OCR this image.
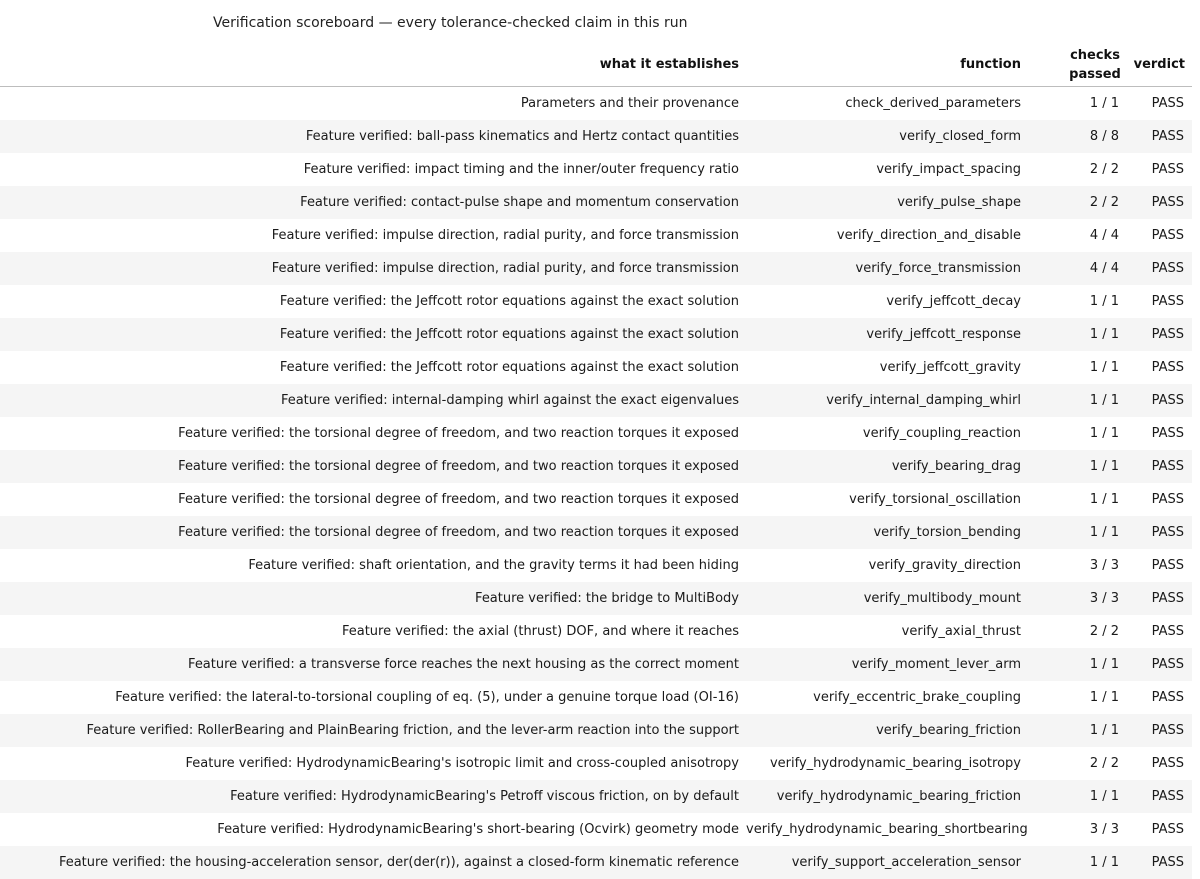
Verification scoreboard — every tolerance-checked claim in this run
what it establishes	function	checks passed	verdict
Parameters and their provenance	check_derived_parameters	1 / 1	PASS
Feature verified: ball-pass kinematics and Hertz contact quantities	verify_closed_form	8 / 8	PASS
Feature verified: impact timing and the inner/outer frequency ratio	verify_impact_spacing	2 / 2	PASS
Feature verified: contact-pulse shape and momentum conservation	verify_pulse_shape	2 / 2	PASS
Feature verified: impulse direction, radial purity, and force transmission	verify_direction_and_disable	4 / 4	PASS
Feature verified: impulse direction, radial purity, and force transmission	verify_force_transmission	4 / 4	PASS
Feature verified: the Jeffcott rotor equations against the exact solution	verify_jeffcott_decay	1 / 1	PASS
Feature verified: the Jeffcott rotor equations against the exact solution	verify_jeffcott_response	1 / 1	PASS
Feature verified: the Jeffcott rotor equations against the exact solution	verify_jeffcott_gravity	1 / 1	PASS
Feature verified: internal-damping whirl against the exact eigenvalues	verify_internal_damping_whirl	1 / 1	PASS
Feature verified: the torsional degree of freedom, and two reaction torques it exposed	verify_coupling_reaction	1 / 1	PASS
Feature verified: the torsional degree of freedom, and two reaction torques it exposed	verify_bearing_drag	1 / 1	PASS
Feature verified: the torsional degree of freedom, and two reaction torques it exposed	verify_torsional_oscillation	1 / 1	PASS
Feature verified: the torsional degree of freedom, and two reaction torques it exposed	verify_torsion_bending	1 / 1	PASS
Feature verified: shaft orientation, and the gravity terms it had been hiding	verify_gravity_direction	3 / 3	PASS
Feature verified: the bridge to MultiBody	verify_multibody_mount	3 / 3	PASS
Feature verified: the axial (thrust) DOF, and where it reaches	verify_axial_thrust	2 / 2	PASS
Feature verified: a transverse force reaches the next housing as the correct moment	verify_moment_lever_arm	1 / 1	PASS
Feature verified: the lateral-to-torsional coupling of eq. (5), under a genuine torque load (OI-16)	verify_eccentric_brake_coupling	1 / 1	PASS
Feature verified: RollerBearing and PlainBearing friction, and the lever-arm reaction into the support	verify_bearing_friction	1 / 1	PASS
Feature verified: HydrodynamicBearing's isotropic limit and cross-coupled anisotropy	verify_hydrodynamic_bearing_isotropy	2 / 2	PASS
Feature verified: HydrodynamicBearing's Petroff viscous friction, on by default	verify_hydrodynamic_bearing_friction	1 / 1	PASS
Feature verified: HydrodynamicBearing's short-bearing (Ocvirk) geometry mode	verify_hydrodynamic_bearing_shortbearing	3 / 3	PASS
Feature verified: the housing-acceleration sensor, der(der(r)), against a closed-form kinematic reference	verify_support_acceleration_sensor	1 / 1	PASS
